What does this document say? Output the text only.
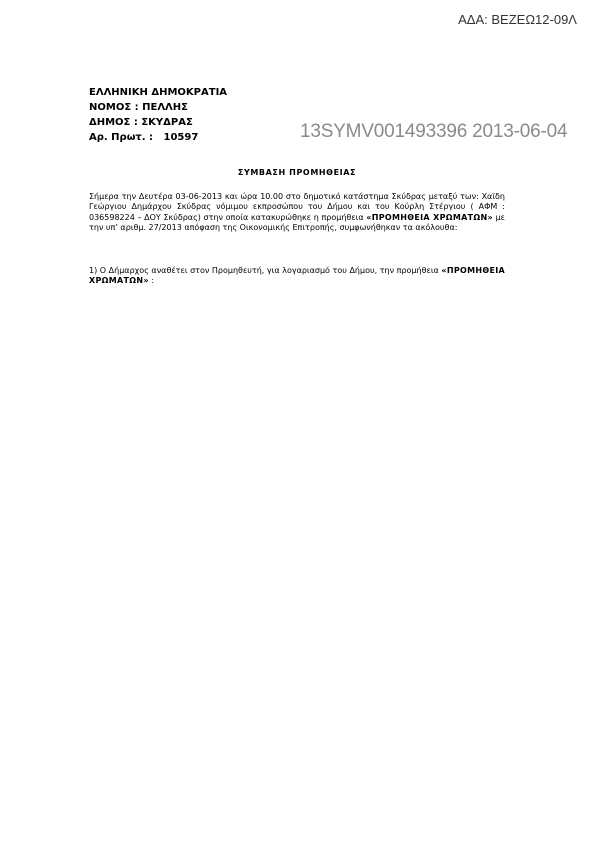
ΑΔΑ: ΒΕΖΕΩ12-09Λ
ΕΛΛΗΝΙΚΗ ΔΗΜΟΚΡΑΤΙΑ
ΝΟΜΟΣ : ΠΕΛΛΗΣ
ΔΗΜΟΣ : ΣΚΥΔΡΑΣ
Αρ. Πρωτ. :   10597	13SYMV001493396 2013-06-04
ΣΥΜΒΑΣΗ ΠΡΟΜΗΘΕΙΑΣ
Σήμερα την Δευτέρα 03-06-2013 και ώρα 10.00 στο δημοτικό κατάστημα Σκύδρας μεταξύ των: Χαϊδη Γεώργιου Δημάρχου Σκύδρας νόμιμου εκπροσώπου του Δήμου και του Κούρλη Στέργιου ( ΑΦΜ : 036598224 – ΔΟΥ Σκύδρας) στην οποία κατακυρώθηκε η προμήθεια «ΠΡΟΜΗΘΕΙΑ ΧΡΩΜΑΤΩΝ» με την υπ’ αριθμ. 27/2013 απόφαση της Οικονομικής Επιτροπής, συμφωνήθηκαν τα ακόλουθα:
1) Ο Δήμαρχος αναθέτει στον Προμηθευτή, για λογαριασμό του Δήμου, την προμήθεια «ΠΡΟΜΗΘΕΙΑ ΧΡΩΜΑΤΩΝ» :
